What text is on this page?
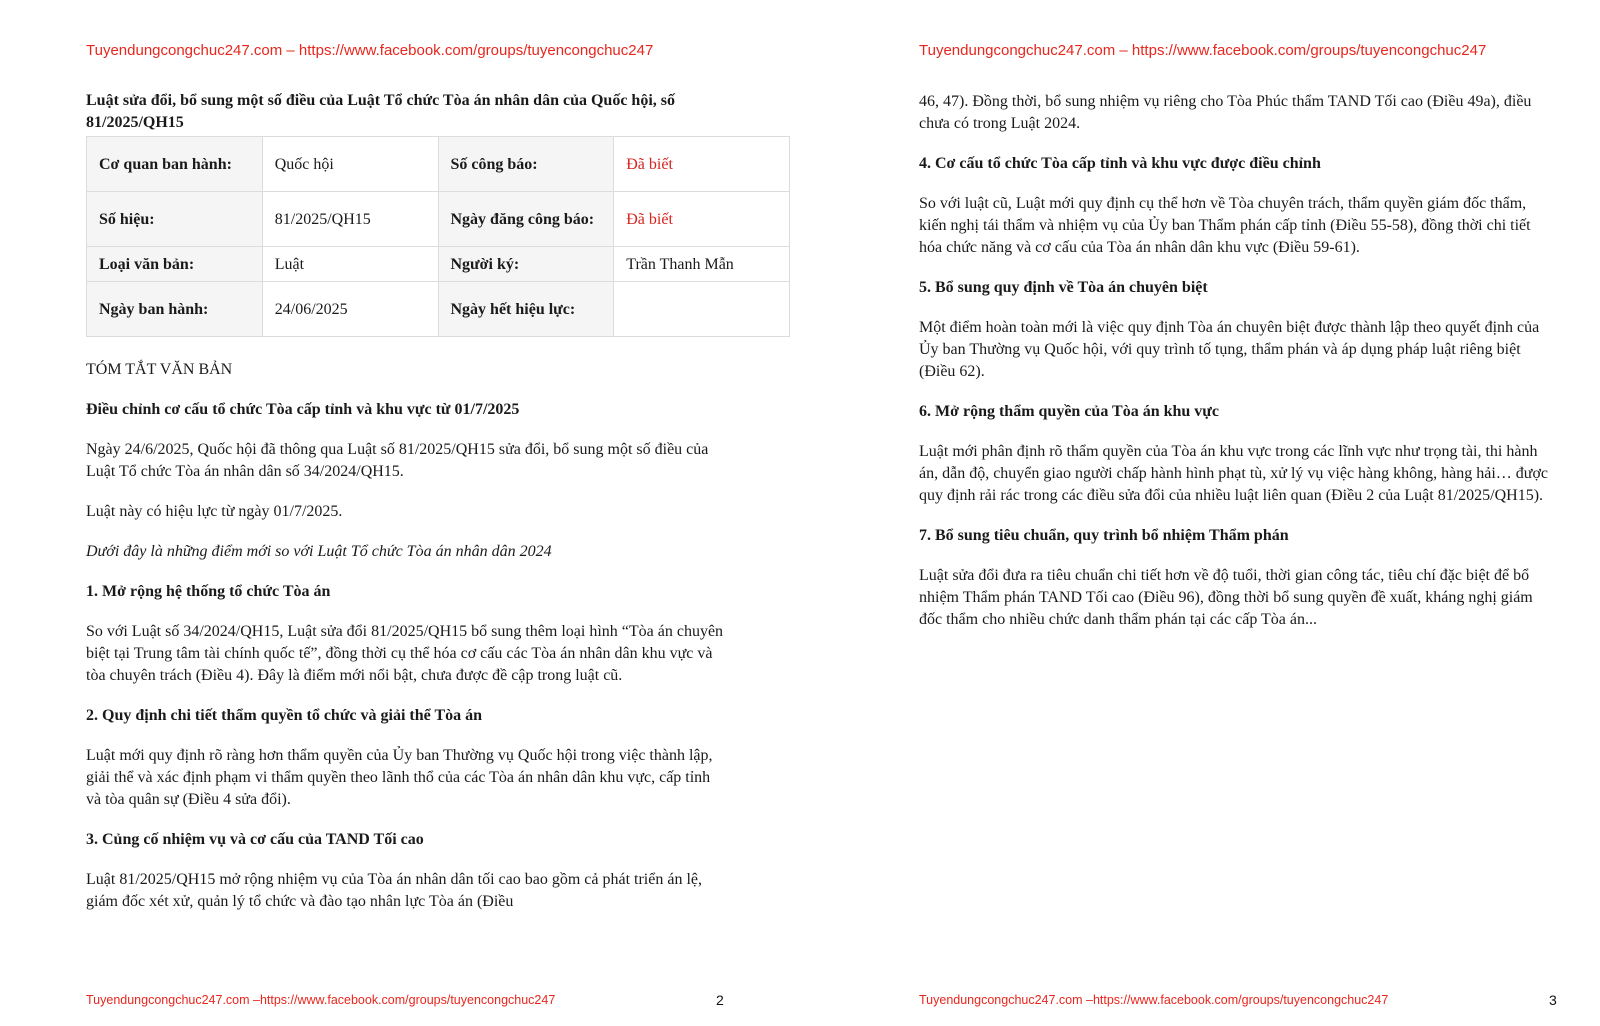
Tuyendungcongchuc247.com – https://www.facebook.com/groups/tuyencongchuc247
Luật sửa đổi, bổ sung một số điều của Luật Tổ chức Tòa án nhân dân của Quốc hội, số 81/2025/QH15
Cơ quan ban hành:	Quốc hội	Số công báo:	Đã biết
Số hiệu:	81/2025/QH15	Ngày đăng công báo:	Đã biết
Loại văn bản:	Luật	Người ký:	Trần Thanh Mẫn
Ngày ban hành:	24/06/2025	Ngày hết hiệu lực:	
TÓM TẮT VĂN BẢN
Điều chỉnh cơ cấu tổ chức Tòa cấp tỉnh và khu vực từ 01/7/2025

Ngày 24/6/2025, Quốc hội đã thông qua Luật số 81/2025/QH15 sửa đổi, bổ sung một số điều của Luật Tổ chức Tòa án nhân dân số 34/2024/QH15.

Luật này có hiệu lực từ ngày 01/7/2025.

Dưới đây là những điểm mới so với Luật Tổ chức Tòa án nhân dân 2024

1. Mở rộng hệ thống tổ chức Tòa án

So với Luật số 34/2024/QH15, Luật sửa đổi 81/2025/QH15 bổ sung thêm loại hình “Tòa án chuyên biệt tại Trung tâm tài chính quốc tế”, đồng thời cụ thể hóa cơ cấu các Tòa án nhân dân khu vực và tòa chuyên trách (Điều 4). Đây là điểm mới nổi bật, chưa được đề cập trong luật cũ.

2. Quy định chi tiết thẩm quyền tổ chức và giải thể Tòa án

Luật mới quy định rõ ràng hơn thẩm quyền của Ủy ban Thường vụ Quốc hội trong việc thành lập, giải thể và xác định phạm vi thẩm quyền theo lãnh thổ của các Tòa án nhân dân khu vực, cấp tỉnh và tòa quân sự (Điều 4 sửa đổi).

3. Củng cố nhiệm vụ và cơ cấu của TAND Tối cao

Luật 81/2025/QH15 mở rộng nhiệm vụ của Tòa án nhân dân tối cao bao gồm cả phát triển án lệ, giám đốc xét xử, quản lý tổ chức và đào tạo nhân lực Tòa án (Điều

Tuyendungcongchuc247.com –https://www.facebook.com/groups/tuyencongchuc247	2
Tuyendungcongchuc247.com – https://www.facebook.com/groups/tuyencongchuc247

46, 47). Đồng thời, bổ sung nhiệm vụ riêng cho Tòa Phúc thẩm TAND Tối cao (Điều 49a), điều chưa có trong Luật 2024.

4. Cơ cấu tổ chức Tòa cấp tỉnh và khu vực được điều chỉnh

So với luật cũ, Luật mới quy định cụ thể hơn về Tòa chuyên trách, thẩm quyền giám đốc thẩm, kiến nghị tái thẩm và nhiệm vụ của Ủy ban Thẩm phán cấp tỉnh (Điều 55-58), đồng thời chi tiết hóa chức năng và cơ cấu của Tòa án nhân dân khu vực (Điều 59-61).

5. Bổ sung quy định về Tòa án chuyên biệt

Một điểm hoàn toàn mới là việc quy định Tòa án chuyên biệt được thành lập theo quyết định của Ủy ban Thường vụ Quốc hội, với quy trình tố tụng, thẩm phán và áp dụng pháp luật riêng biệt (Điều 62).

6. Mở rộng thẩm quyền của Tòa án khu vực

Luật mới phân định rõ thẩm quyền của Tòa án khu vực trong các lĩnh vực như trọng tài, thi hành án, dẫn độ, chuyển giao người chấp hành hình phạt tù, xử lý vụ việc hàng không, hàng hải… được quy định rải rác trong các điều sửa đổi của nhiều luật liên quan (Điều 2 của Luật 81/2025/QH15).

7. Bổ sung tiêu chuẩn, quy trình bổ nhiệm Thẩm phán

Luật sửa đổi đưa ra tiêu chuẩn chi tiết hơn về độ tuổi, thời gian công tác, tiêu chí đặc biệt để bổ nhiệm Thẩm phán TAND Tối cao (Điều 96), đồng thời bổ sung quyền đề xuất, kháng nghị giám đốc thẩm cho nhiều chức danh thẩm phán tại các cấp Tòa án...

Tuyendungcongchuc247.com –https://www.facebook.com/groups/tuyencongchuc247	3
